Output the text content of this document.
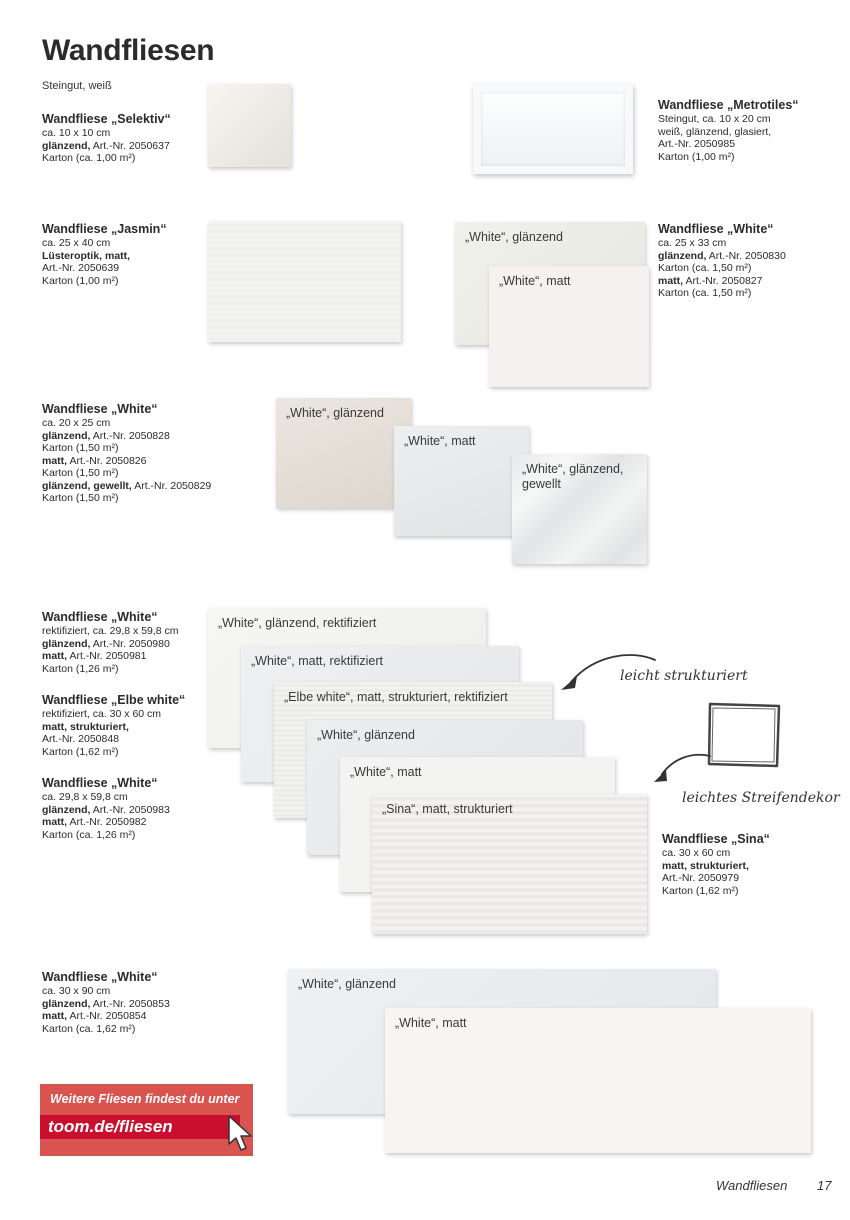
Wandfliesen
Steingut, weiß
Wandfliese „Selektiv“
ca. 10 x 10 cm
glänzend, Art.-Nr. 2050637
Karton (ca. 1,00 m²)
Wandfliese „Metrotiles“
Steingut, ca. 10 x 20 cm
weiß, glänzend, glasiert,
Art.-Nr. 2050985
Karton (1,00 m²)
Wandfliese „Jasmin“
ca. 25 x 40 cm
Lüsteroptik, matt,
Art.-Nr. 2050639
Karton (1,00 m²)
„White“, glänzend
„White“, matt
Wandfliese „White“
ca. 25 x 33 cm
glänzend, Art.-Nr. 2050830
Karton (ca. 1,50 m²)
matt, Art.-Nr. 2050827
Karton (ca. 1,50 m²)
Wandfliese „White“
ca. 20 x 25 cm
glänzend, Art.-Nr. 2050828
Karton (1,50 m²)
matt, Art.-Nr. 2050826
Karton (1,50 m²)
glänzend, gewellt, Art.-Nr. 2050829
Karton (1,50 m²)
„White“, glänzend
„White“, matt
„White“, glänzend, gewellt
Wandfliese „White“
rektifiziert, ca. 29,8 x 59,8 cm
glänzend, Art.-Nr. 2050980
matt, Art.-Nr. 2050981
Karton (1,26 m²)
Wandfliese „Elbe white“
rektifiziert, ca. 30 x 60 cm
matt, strukturiert,
Art.-Nr. 2050848
Karton (1,62 m²)
Wandfliese „White“
ca. 29,8 x 59,8 cm
glänzend, Art.-Nr. 2050983
matt, Art.-Nr. 2050982
Karton (ca. 1,26 m²)
„White“, glänzend, rektifiziert
„White“, matt, rektifiziert
„Elbe white“, matt, strukturiert, rektifiziert
„White“, glänzend
„White“, matt
„Sina“, matt, strukturiert
leicht strukturiert
leichtes Streifendekor
Wandfliese „Sina“
ca. 30 x 60 cm
matt, strukturiert,
Art.-Nr. 2050979
Karton (1,62 m²)
Wandfliese „White“
ca. 30 x 90 cm
glänzend, Art.-Nr. 2050853
matt, Art.-Nr. 2050854
Karton (ca. 1,62 m²)
„White“, glänzend
„White“, matt
Weitere Fliesen findest du unter
toom.de/fliesen
Wandfliesen 17
